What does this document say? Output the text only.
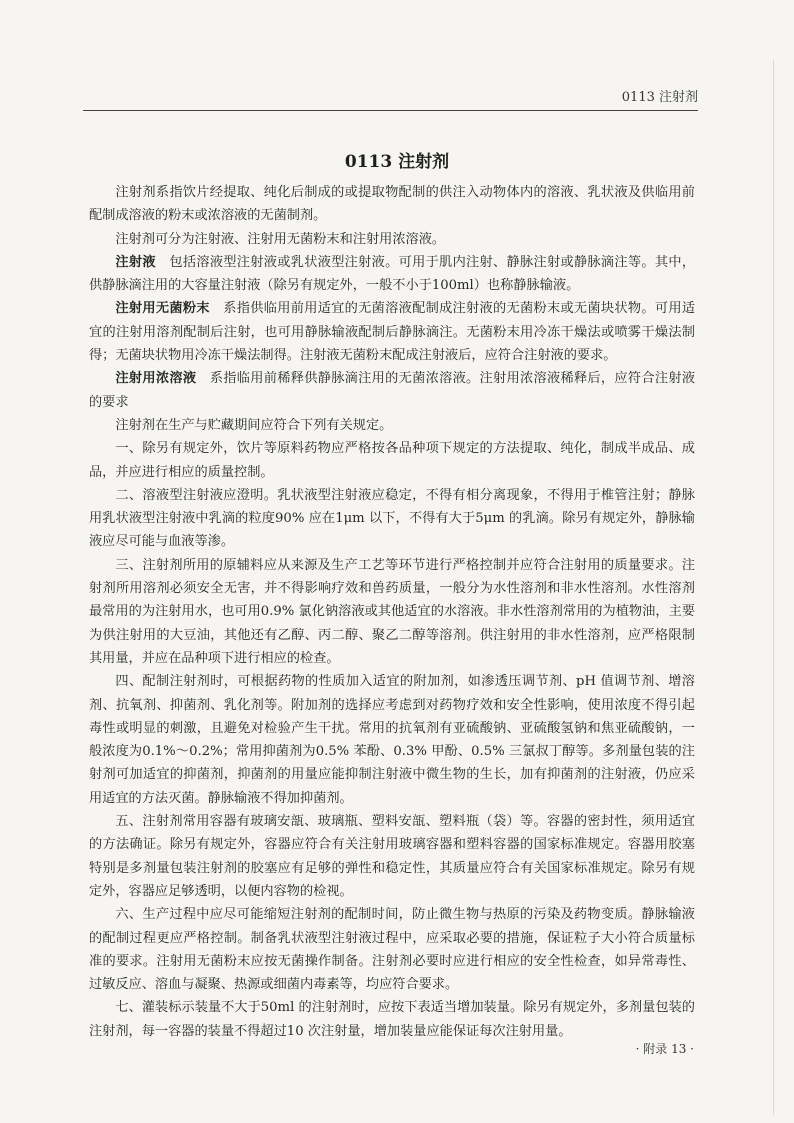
0113 注射剂
0113 注射剂

注射剂系指饮片经提取、纯化后制成的或提取物配制的供注入动物体内的溶液、乳状液及供临用前配制成溶液的粉末或浓溶液的无菌制剂。

注射剂可分为注射液、注射用无菌粉末和注射用浓溶液。

注射液　 包括溶液型注射液或乳状液型注射液。可用于肌内注射、静脉注射或静脉滴注等。其中，供静脉滴注用的大容量注射液（除另有规定外，一般不小于100ml）也称静脉输液。

注射用无菌粉末　 系指供临用前用适宜的无菌溶液配制成注射液的无菌粉末或无菌块状物。可用适宜的注射用溶剂配制后注射，也可用静脉输液配制后静脉滴注。无菌粉末用冷冻干燥法或喷雾干燥法制得；无菌块状物用冷冻干燥法制得。注射液无菌粉末配成注射液后，应符合注射液的要求。

注射用浓溶液　 系指临用前稀释供静脉滴注用的无菌浓溶液。注射用浓溶液稀释后，应符合注射液的要求

注射剂在生产与贮藏期间应符合下列有关规定。

一、除另有规定外，饮片等原料药物应严格按各品种项下规定的方法提取、纯化，制成半成品、成品，并应进行相应的质量控制。

二、溶液型注射液应澄明。乳状液型注射液应稳定，不得有相分离现象，不得用于椎管注射；静脉用乳状液型注射液中乳滴的粒度90% 应在1μm 以下，不得有大于5μm 的乳滴。除另有规定外，静脉输液应尽可能与血液等渗。

三、注射剂所用的原辅料应从来源及生产工艺等环节进行严格控制并应符合注射用的质量要求。注射剂所用溶剂必须安全无害，并不得影响疗效和兽药质量，一般分为水性溶剂和非水性溶剂。水性溶剂最常用的为注射用水，也可用0.9% 氯化钠溶液或其他适宜的水溶液。非水性溶剂常用的为植物油，主要为供注射用的大豆油，其他还有乙醇、丙二醇、聚乙二醇等溶剂。供注射用的非水性溶剂，应严格限制其用量，并应在品种项下进行相应的检查。

四、配制注射剂时，可根据药物的性质加入适宜的附加剂，如渗透压调节剂、pH 值调节剂、增溶剂、抗氧剂、抑菌剂、乳化剂等。附加剂的选择应考虑到对药物疗效和安全性影响，使用浓度不得引起毒性或明显的刺激，且避免对检验产生干扰。常用的抗氧剂有亚硫酸钠、亚硫酸氢钠和焦亚硫酸钠，一般浓度为0.1%～0.2%；常用抑菌剂为0.5% 苯酚、0.3% 甲酚、0.5% 三氯叔丁醇等。多剂量包装的注射剂可加适宜的抑菌剂，抑菌剂的用量应能抑制注射液中微生物的生长，加有抑菌剂的注射液，仍应采用适宜的方法灭菌。静脉输液不得加抑菌剂。

五、注射剂常用容器有玻璃安瓿、玻璃瓶、塑料安瓿、塑料瓶（袋）等。容器的密封性，须用适宜的方法确证。除另有规定外，容器应符合有关注射用玻璃容器和塑料容器的国家标准规定。容器用胶塞特别是多剂量包装注射剂的胶塞应有足够的弹性和稳定性，其质量应符合有关国家标准规定。除另有规定外，容器应足够透明，以便内容物的检视。

六、生产过程中应尽可能缩短注射剂的配制时间，防止微生物与热原的污染及药物变质。静脉输液的配制过程更应严格控制。制备乳状液型注射液过程中，应采取必要的措施，保证粒子大小符合质量标准的要求。注射用无菌粉末应按无菌操作制备。注射剂必要时应进行相应的安全性检查，如异常毒性、过敏反应、溶血与凝聚、热源或细菌内毒素等，均应符合要求。

七、灌装标示装量不大于50ml 的注射剂时，应按下表适当增加装量。除另有规定外，多剂量包装的注射剂，每一容器的装量不得超过10 次注射量，增加装量应能保证每次注射用量。

· 附录 13 ·
